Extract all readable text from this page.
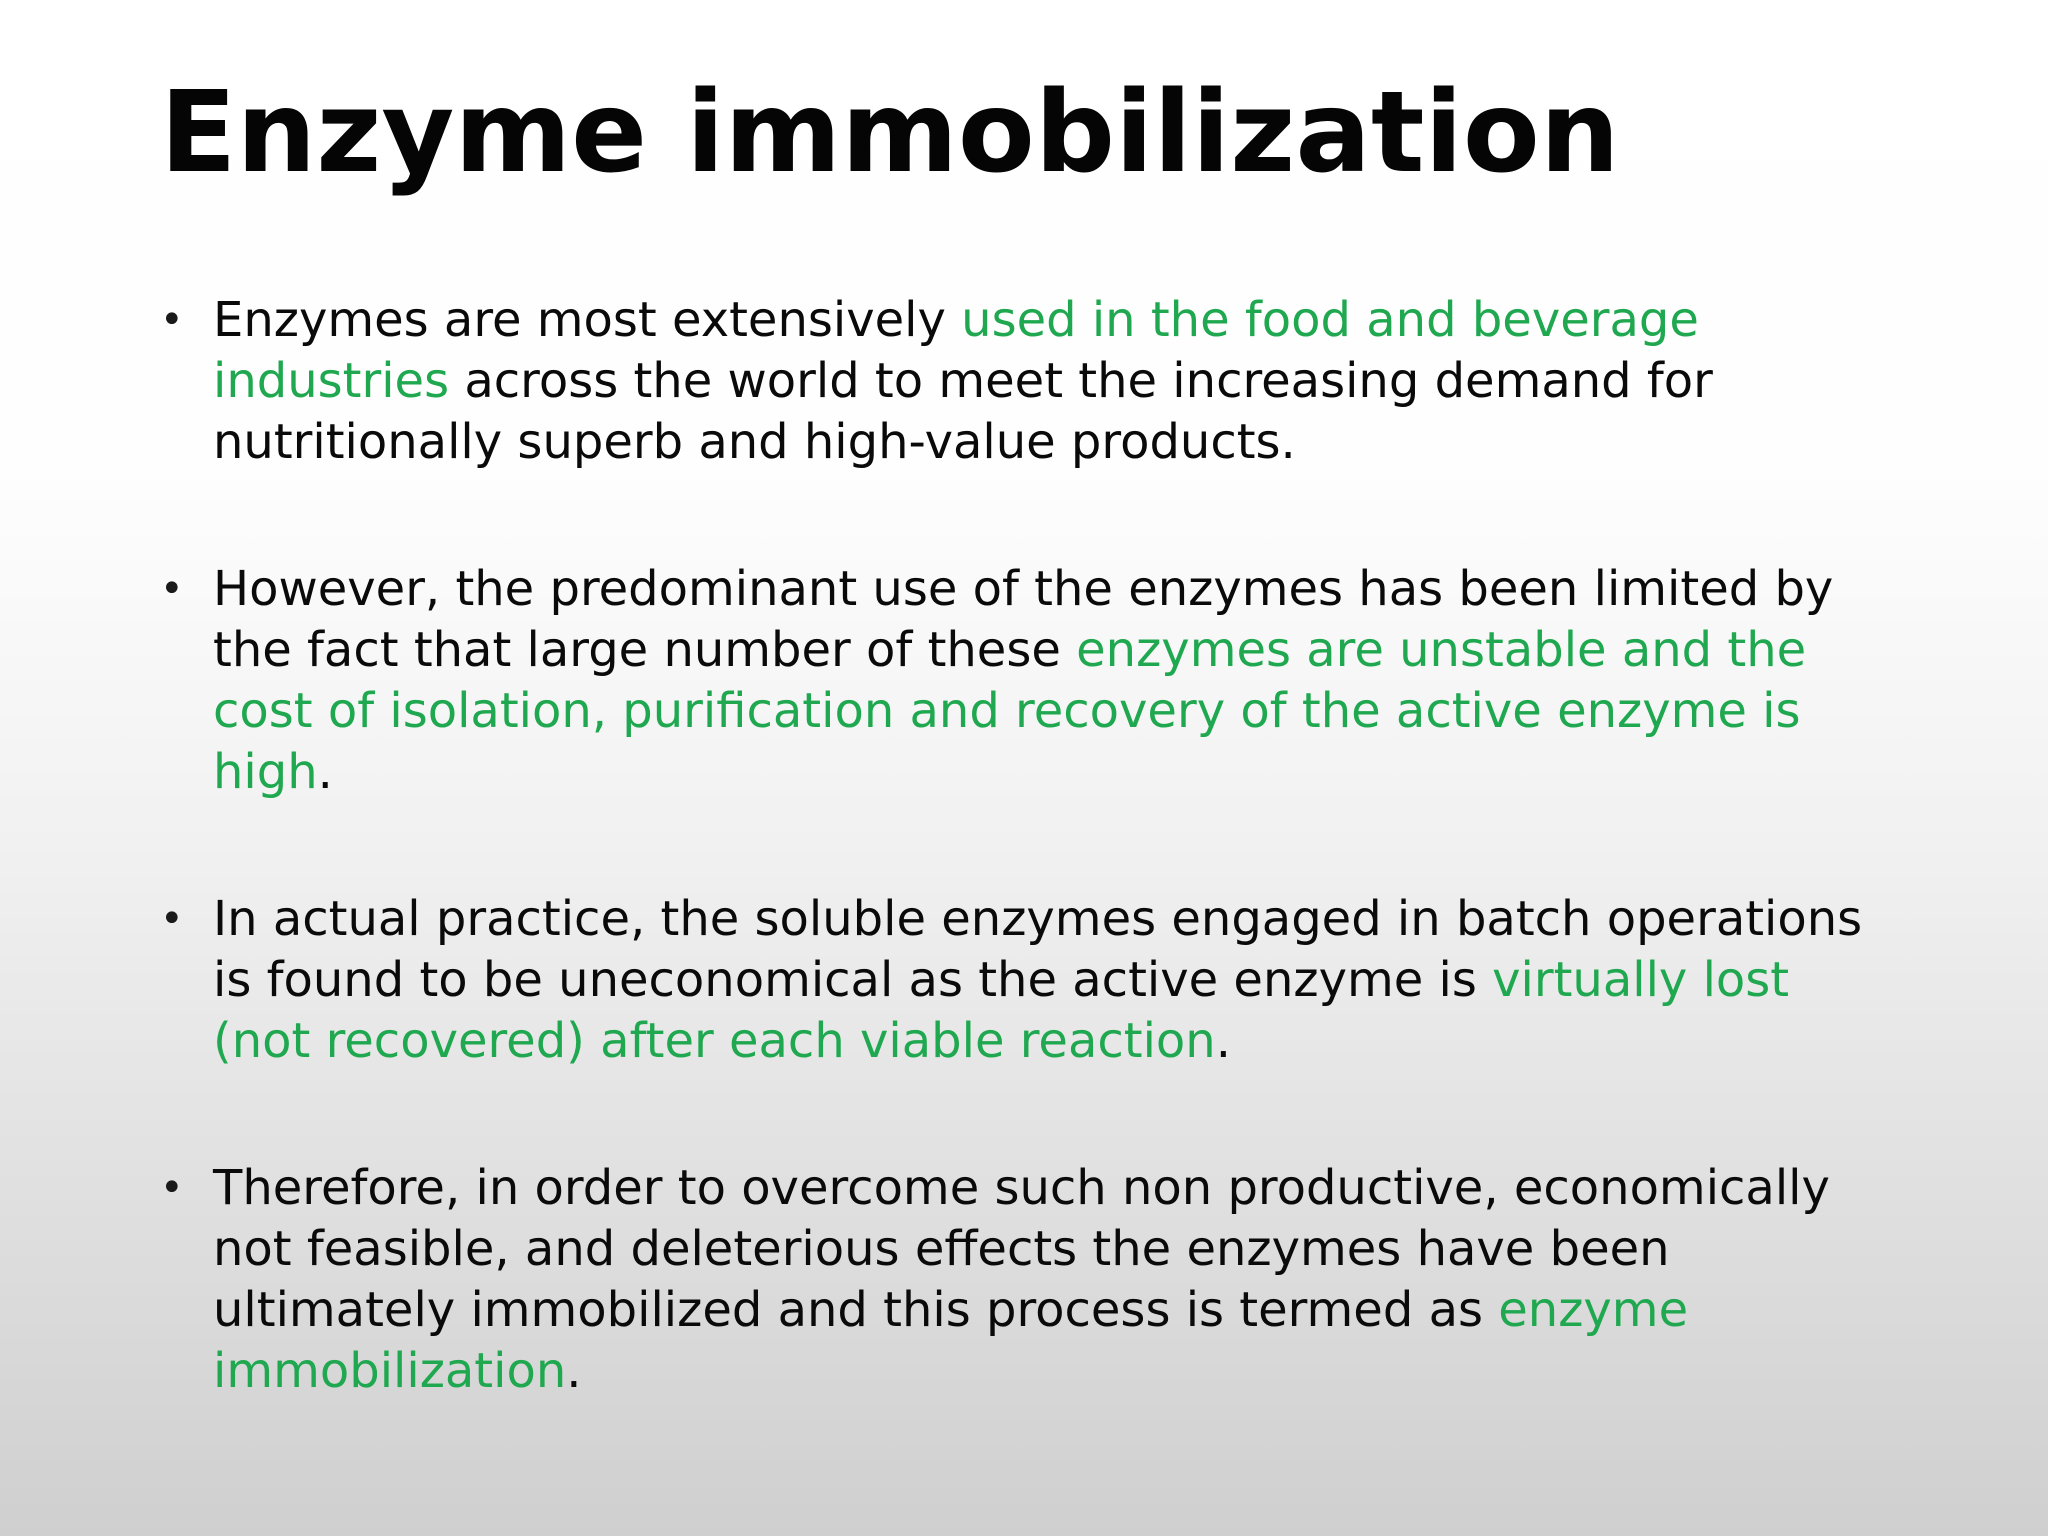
Enzyme immobilization
• Enzymes are most extensively used in the food and beverage industries across the world to meet the increasing demand for nutritionally superb and high-value products.
• However, the predominant use of the enzymes has been limited by the fact that large number of these enzymes are unstable and the cost of isolation, purification and recovery of the active enzyme is high.
• In actual practice, the soluble enzymes engaged in batch operations is found to be uneconomical as the active enzyme is virtually lost (not recovered) after each viable reaction.
• Therefore, in order to overcome such non productive, economically not feasible, and deleterious effects the enzymes have been ultimately immobilized and this process is termed as enzyme immobilization.
